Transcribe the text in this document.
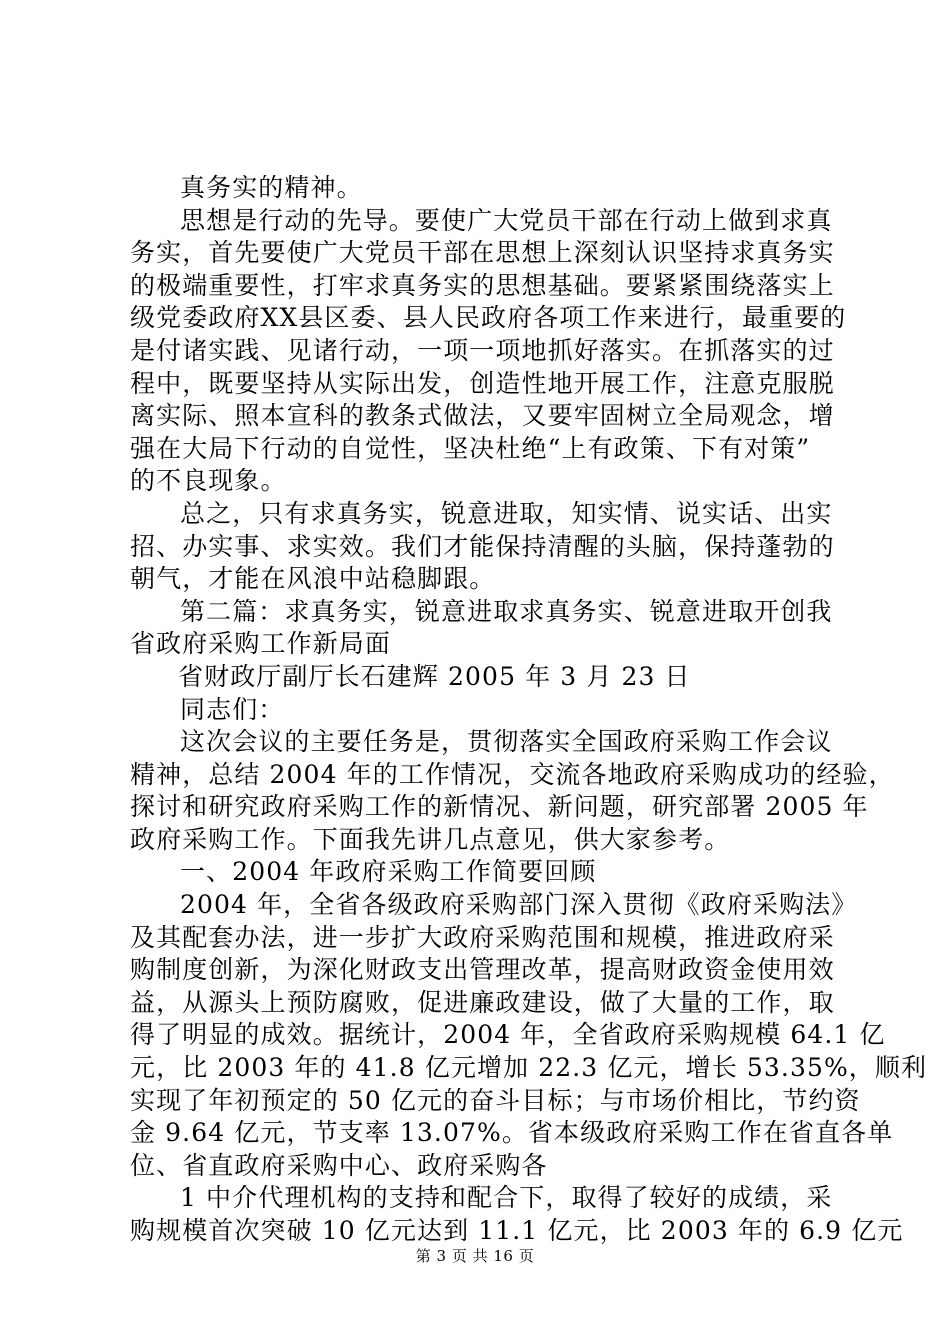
真务实的精神。
思想是行动的先导。要使广大党员干部在行动上做到求真
务实，首先要使广大党员干部在思想上深刻认识坚持求真务实
的极端重要性，打牢求真务实的思想基础。要紧紧围绕落实上
级党委政府XX县区委、县人民政府各项工作来进行，最重要的
是付诸实践、见诸行动，一项一项地抓好落实。在抓落实的过
程中，既要坚持从实际出发，创造性地开展工作，注意克服脱
离实际、照本宣科的教条式做法，又要牢固树立全局观念，增
强在大局下行动的自觉性，坚决杜绝“上有政策、下有对策”
的不良现象。
总之，只有求真务实，锐意进取，知实情、说实话、出实
招、办实事、求实效。我们才能保持清醒的头脑，保持蓬勃的
朝气，才能在风浪中站稳脚跟。
第二篇：求真务实，锐意进取求真务实、锐意进取开创我
省政府采购工作新局面
省财政厅副厅长石建辉 2005 年 3 月 23 日
同志们：
这次会议的主要任务是，贯彻落实全国政府采购工作会议
精神，总结 2004 年的工作情况，交流各地政府采购成功的经验，
探讨和研究政府采购工作的新情况、新问题，研究部署 2005 年
政府采购工作。下面我先讲几点意见，供大家参考。
一、2004 年政府采购工作简要回顾
2004 年，全省各级政府采购部门深入贯彻《政府采购法》
及其配套办法，进一步扩大政府采购范围和规模，推进政府采
购制度创新，为深化财政支出管理改革，提高财政资金使用效
益，从源头上预防腐败，促进廉政建设，做了大量的工作，取
得了明显的成效。据统计，2004 年，全省政府采购规模 64.1 亿
元，比 2003 年的 41.8 亿元增加 22.3 亿元，增长 53.35%，顺利
实现了年初预定的 50 亿元的奋斗目标；与市场价相比，节约资
金 9.64 亿元，节支率 13.07%。省本级政府采购工作在省直各单
位、省直政府采购中心、政府采购各
1 中介代理机构的支持和配合下，取得了较好的成绩，采
购规模首次突破 10 亿元达到 11.1 亿元，比 2003 年的 6.9 亿元
第 3 页 共 16 页
